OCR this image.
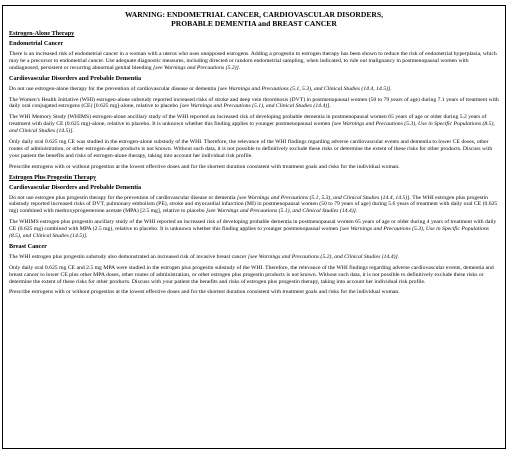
WARNING: ENDOMETRIAL CANCER, CARDIOVASCULAR DISORDERS,
PROBABLE DEMENTIA and BREAST CANCER
Estrogen-Alone Therapy
Endometrial Cancer

There is an increased risk of endometrial cancer in a woman with a uterus who uses unopposed estrogens. Adding a progestin to estrogen therapy has been shown to reduce the risk of endometrial hyperplasia, which may be a precursor to endometrial cancer. Use adequate diagnostic measures, including directed or random endometrial sampling, when indicated, to rule out malignancy in postmenopausal women with undiagnosed, persistent or recurring abnormal genital bleeding [see Warnings and Precautions (5.2)].

Cardiovascular Disorders and Probable Dementia

Do not use estrogen-alone therapy for the prevention of cardiovascular disease or dementia [see Warnings and Precautions (5.1, 5.3), and Clinical Studies (14.4, 14.5)].

The Women's Health Initiative (WHI) estrogen-alone substudy reported increased risks of stroke and deep vein thrombosis (DVT) in postmenopausal women (50 to 79 years of age) during 7.1 years of treatment with daily oral conjugated estrogens (CE) [0.625 mg]-alone, relative to placebo [see Warnings and Precautions (5.1), and Clinical Studies (14.4)].

The WHI Memory Study (WHIMS) estrogen-alone ancillary study of the WHI reported an increased risk of developing probable dementia in postmenopausal women 65 years of age or older during 5.2 years of treatment with daily CE (0.625 mg)-alone, relative to placebo. It is unknown whether this finding applies to younger postmenopausal women [see Warnings and Precautions (5.3), Use in Specific Populations (8.5), and Clinical Studies (14.5)].

Only daily oral 0.625 mg CE was studied in the estrogen-alone substudy of the WHI. Therefore, the relevance of the WHI findings regarding adverse cardiovascular events and dementia to lower CE doses, other routes of administration, or other estrogen-alone products is not known. Without such data, it is not possible to definitively exclude these risks or determine the extent of these risks for other products. Discuss with your patient the benefits and risks of estrogen-alone therapy, taking into account her individual risk profile.

Prescribe estrogens with or without progestins at the lowest effective doses and for the shortest duration consistent with treatment goals and risks for the individual woman.

Estrogen Plus Progestin Therapy
Cardiovascular Disorders and Probable Dementia

Do not use estrogen plus progestin therapy for the prevention of cardiovascular disease or dementia [see Warnings and Precautions (5.1, 5.3), and Clinical Studies (14.4, 14.5)]. The WHI estrogen plus progestin substudy reported increased risks of DVT, pulmonary embolism (PE), stroke and myocardial infarction (MI) in postmenopausal women (50 to 79 years of age) during 5.6 years of treatment with daily oral CE (0.625 mg) combined with medroxyprogesterone acetate (MPA) [2.5 mg], relative to placebo [see Warnings and Precautions (5.1), and Clinical Studies (14.4)].

The WHIMS estrogen plus progestin ancillary study of the WHI reported an increased risk of developing probable dementia in postmenopausal women 65 years of age or older during 4 years of treatment with daily CE (0.625 mg) combined with MPA (2.5 mg), relative to placebo. It is unknown whether this finding applies to younger postmenopausal women [see Warnings and Precautions (5.3), Use in Specific Populations (8.5), and Clinical Studies (14.5)].

Breast Cancer

The WHI estrogen plus progestin substudy also demonstrated an increased risk of invasive breast cancer [see Warnings and Precautions (5.2), and Clinical Studies (14.4)].

Only daily oral 0.625 mg CE and 2.5 mg MPA were studied in the estrogen plus progestin substudy of the WHI. Therefore, the relevance of the WHI findings regarding adverse cardiovascular events, dementia and breast cancer to lower CE plus other MPA doses, other routes of administration, or other estrogen plus progestin products is not known. Without such data, it is not possible to definitively exclude these risks or determine the extent of these risks for other products. Discuss with your patient the benefits and risks of estrogen plus progestin therapy, taking into account her individual risk profile.

Prescribe estrogens with or without progestins at the lowest effective doses and for the shortest duration consistent with treatment goals and risks for the individual woman.
